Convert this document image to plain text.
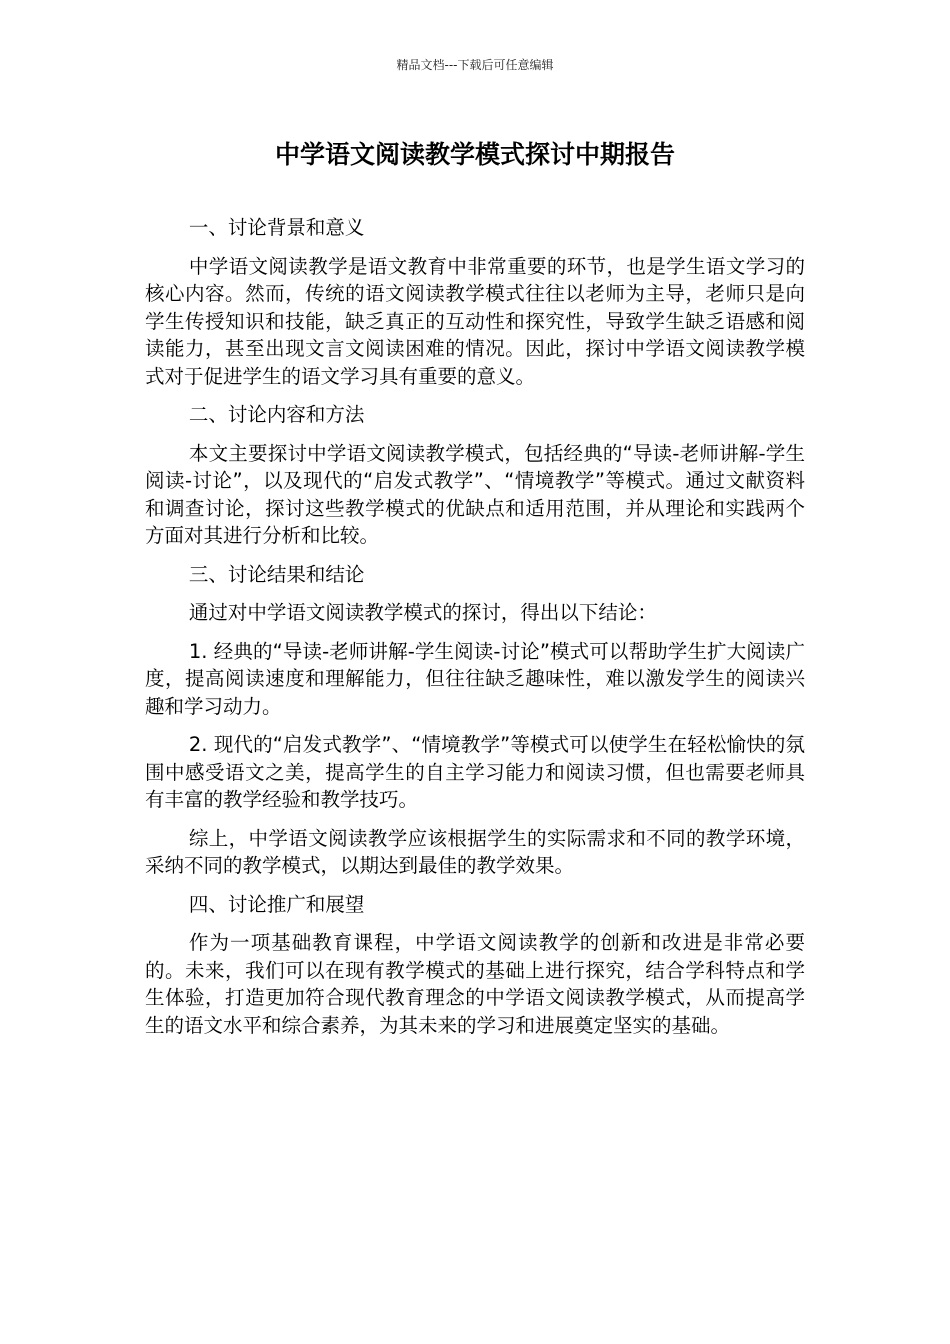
精品文档---下载后可任意编辑
中学语文阅读教学模式探讨中期报告

一、讨论背景和意义

中学语文阅读教学是语文教育中非常重要的环节，也是学生语文学习的核心内容。然而，传统的语文阅读教学模式往往以老师为主导，老师只是向学生传授知识和技能，缺乏真正的互动性和探究性，导致学生缺乏语感和阅读能力，甚至出现文言文阅读困难的情况。因此，探讨中学语文阅读教学模式对于促进学生的语文学习具有重要的意义。

二、讨论内容和方法

本文主要探讨中学语文阅读教学模式，包括经典的“导读-老师讲解-学生阅读-讨论”，以及现代的“启发式教学”、“情境教学”等模式。通过文献资料和调查讨论，探讨这些教学模式的优缺点和适用范围，并从理论和实践两个方面对其进行分析和比较。

三、讨论结果和结论

通过对中学语文阅读教学模式的探讨，得出以下结论：

1. 经典的“导读-老师讲解-学生阅读-讨论”模式可以帮助学生扩大阅读广度，提高阅读速度和理解能力，但往往缺乏趣味性，难以激发学生的阅读兴趣和学习动力。

2. 现代的“启发式教学”、“情境教学”等模式可以使学生在轻松愉快的氛围中感受语文之美，提高学生的自主学习能力和阅读习惯，但也需要老师具有丰富的教学经验和教学技巧。

综上，中学语文阅读教学应该根据学生的实际需求和不同的教学环境，采纳不同的教学模式，以期达到最佳的教学效果。

四、讨论推广和展望

作为一项基础教育课程，中学语文阅读教学的创新和改进是非常必要的。未来，我们可以在现有教学模式的基础上进行探究，结合学科特点和学生体验，打造更加符合现代教育理念的中学语文阅读教学模式，从而提高学生的语文水平和综合素养，为其未来的学习和进展奠定坚实的基础。
